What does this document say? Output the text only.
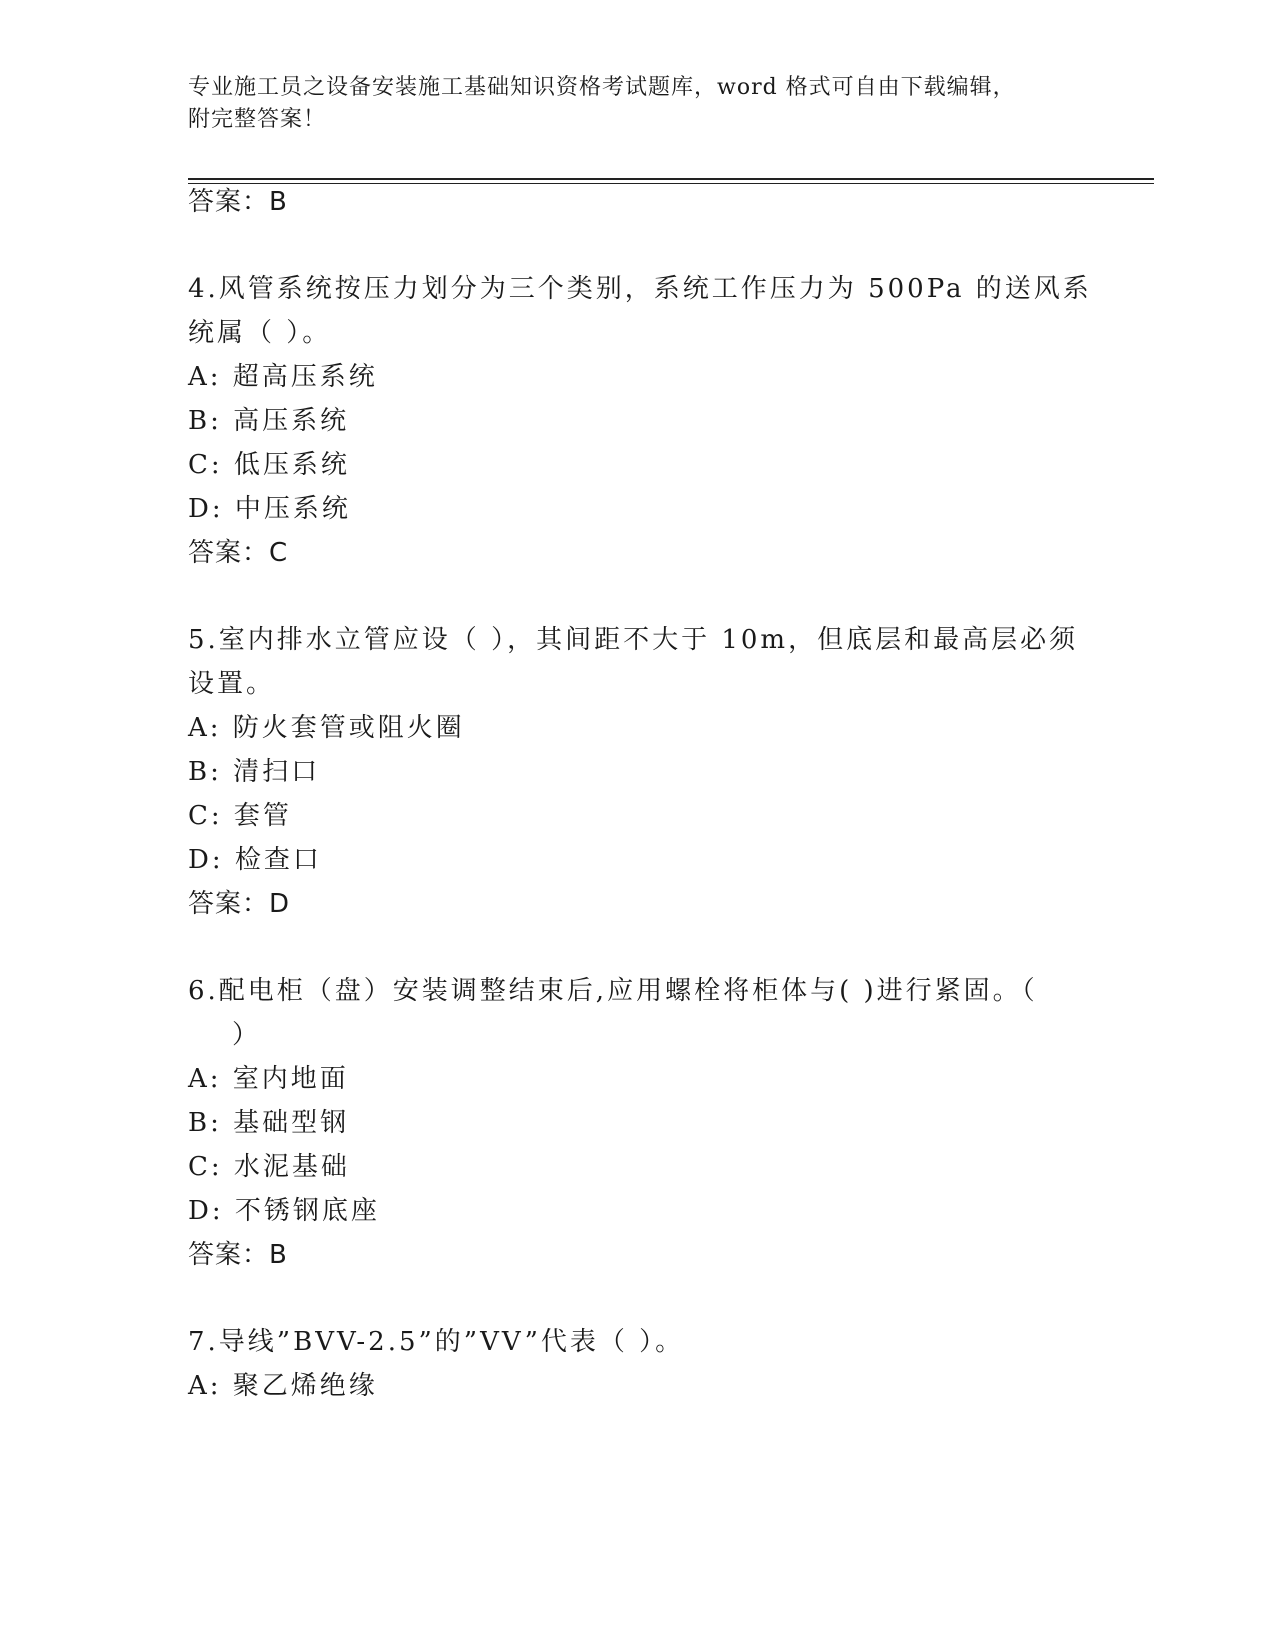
专业施工员之设备安装施工基础知识资格考试题库，word 格式可自由下载编辑，
附完整答案！
答案：B
4.风管系统按压力划分为三个类别，系统工作压力为 500Pa 的送风系
统属（ ）。
A: 超高压系统
B: 高压系统
C: 低压系统
D: 中压系统
答案：C
5.室内排水立管应设（ ），其间距不大于 10m，但底层和最高层必须
设置。
A: 防火套管或阻火圈
B: 清扫口
C: 套管
D: 检查口
答案：D
6.配电柜（盘）安装调整结束后,应用螺栓将柜体与( )进行紧固。（
）
A: 室内地面
B: 基础型钢
C: 水泥基础
D: 不锈钢底座
答案：B
7.导线”BVV-2.5”的”VV”代表（ ）。
A: 聚乙烯绝缘
